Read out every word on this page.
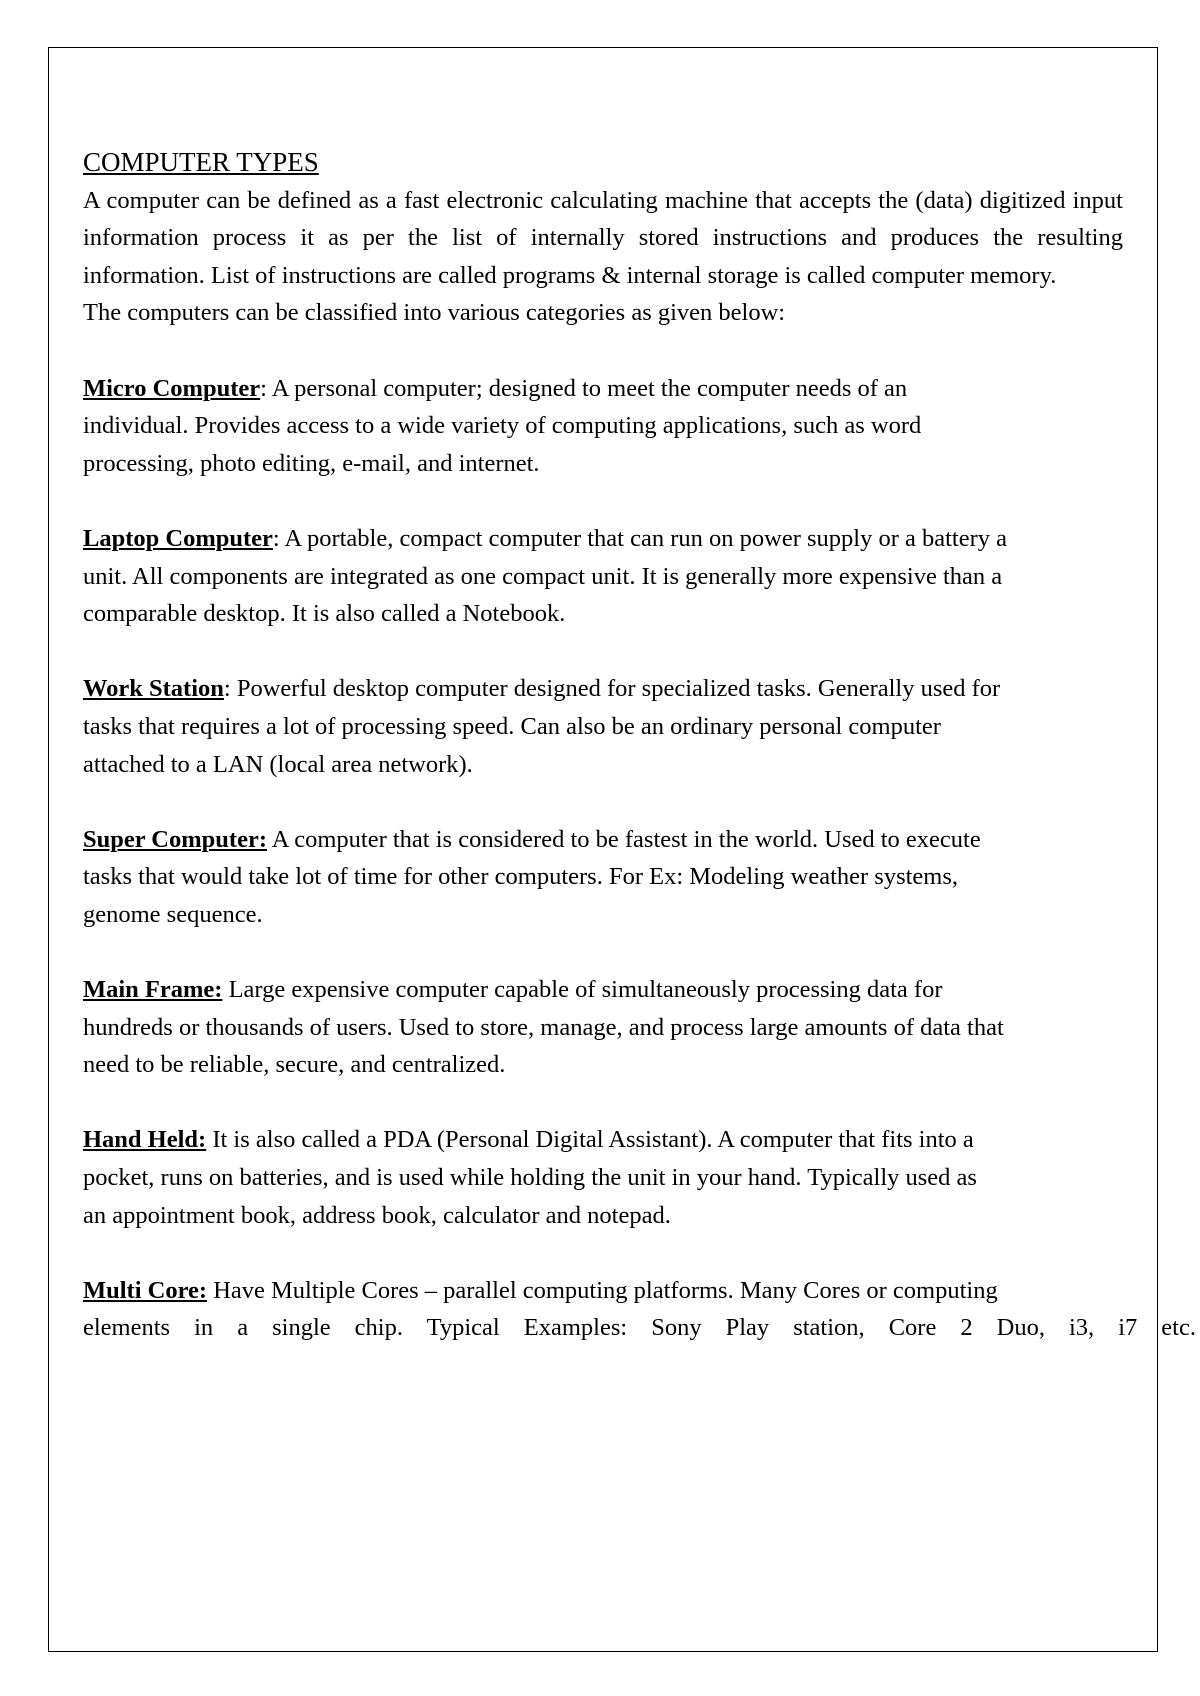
COMPUTER TYPES

A computer can be defined as a fast electronic calculating machine that accepts the (data) digitized input information process it as per the list of internally stored instructions and produces the resulting information. List of instructions are called programs & internal storage is called computer memory.

The computers can be classified into various categories as given below:

Micro Computer: A personal computer; designed to meet the computer needs of an

individual. Provides access to a wide variety of computing applications, such as word

processing, photo editing, e-mail, and internet.

Laptop Computer: A portable, compact computer that can run on power supply or a battery a

unit. All components are integrated as one compact unit. It is generally more expensive than a

comparable desktop. It is also called a Notebook.

Work Station: Powerful desktop computer designed for specialized tasks. Generally used for

tasks that requires a lot of processing speed. Can also be an ordinary personal computer

attached to a LAN (local area network).

Super Computer: A computer that is considered to be fastest in the world. Used to execute

tasks that would take lot of time for other computers. For Ex: Modeling weather systems,

genome sequence.

Main Frame: Large expensive computer capable of simultaneously processing data for

hundreds or thousands of users. Used to store, manage, and process large amounts of data that

need to be reliable, secure, and centralized.

Hand Held: It is also called a PDA (Personal Digital Assistant). A computer that fits into a

pocket, runs on batteries, and is used while holding the unit in your hand. Typically used as

an appointment book, address book, calculator and notepad.

Multi Core: Have Multiple Cores – parallel computing platforms. Many Cores or computing

elements in a single chip. Typical Examples: Sony Play station, Core 2 Duo, i3, i7 etc.
